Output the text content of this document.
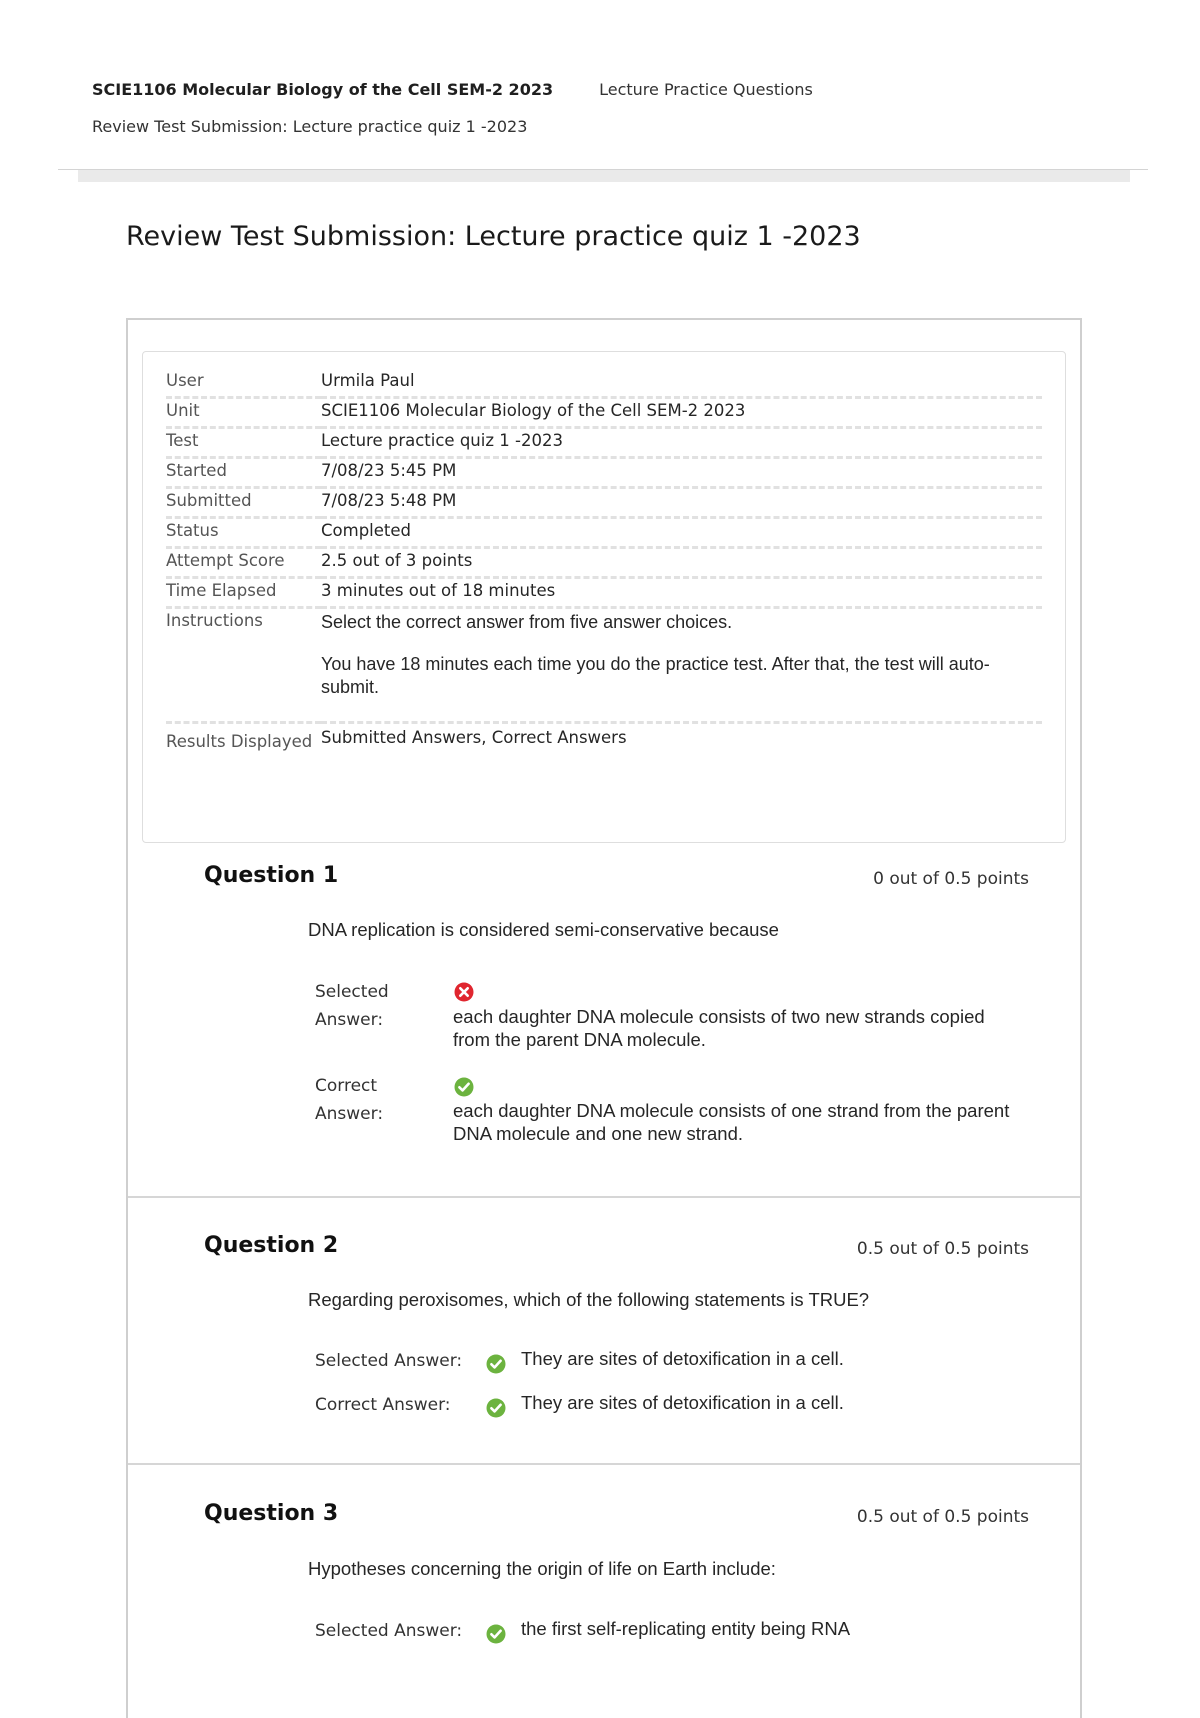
SCIE1106 Molecular Biology of the Cell SEM-2 2023	Lecture Practice Questions
Review Test Submission: Lecture practice quiz 1 -2023
Review Test Submission: Lecture practice quiz 1 -2023
User	Urmila Paul
Unit	SCIE1106 Molecular Biology of the Cell SEM-2 2023
Test	Lecture practice quiz 1 -2023
Started	7/08/23 5:45 PM
Submitted	7/08/23 5:48 PM
Status	Completed
Attempt Score	2.5 out of 3 points
Time Elapsed	3 minutes out of 18 minutes
Instructions	Select the correct answer from five answer choices.

You have 18 minutes each time you do the practice test. After that, the test will auto-submit.

Results Displayed	Submitted Answers, Correct Answers
Question 1	0 out of 0.5 points
DNA replication is considered semi-conservative because
Selected Answer:	each daughter DNA molecule consists of two new strands copied from the parent DNA molecule.
Correct Answer:	each daughter DNA molecule consists of one strand from the parent DNA molecule and one new strand.
Question 2	0.5 out of 0.5 points
Regarding peroxisomes, which of the following statements is TRUE?
Selected Answer:	They are sites of detoxification in a cell.
Correct Answer:	They are sites of detoxification in a cell.
Question 3	0.5 out of 0.5 points
Hypotheses concerning the origin of life on Earth include:
Selected Answer:	the first self-replicating entity being RNA
